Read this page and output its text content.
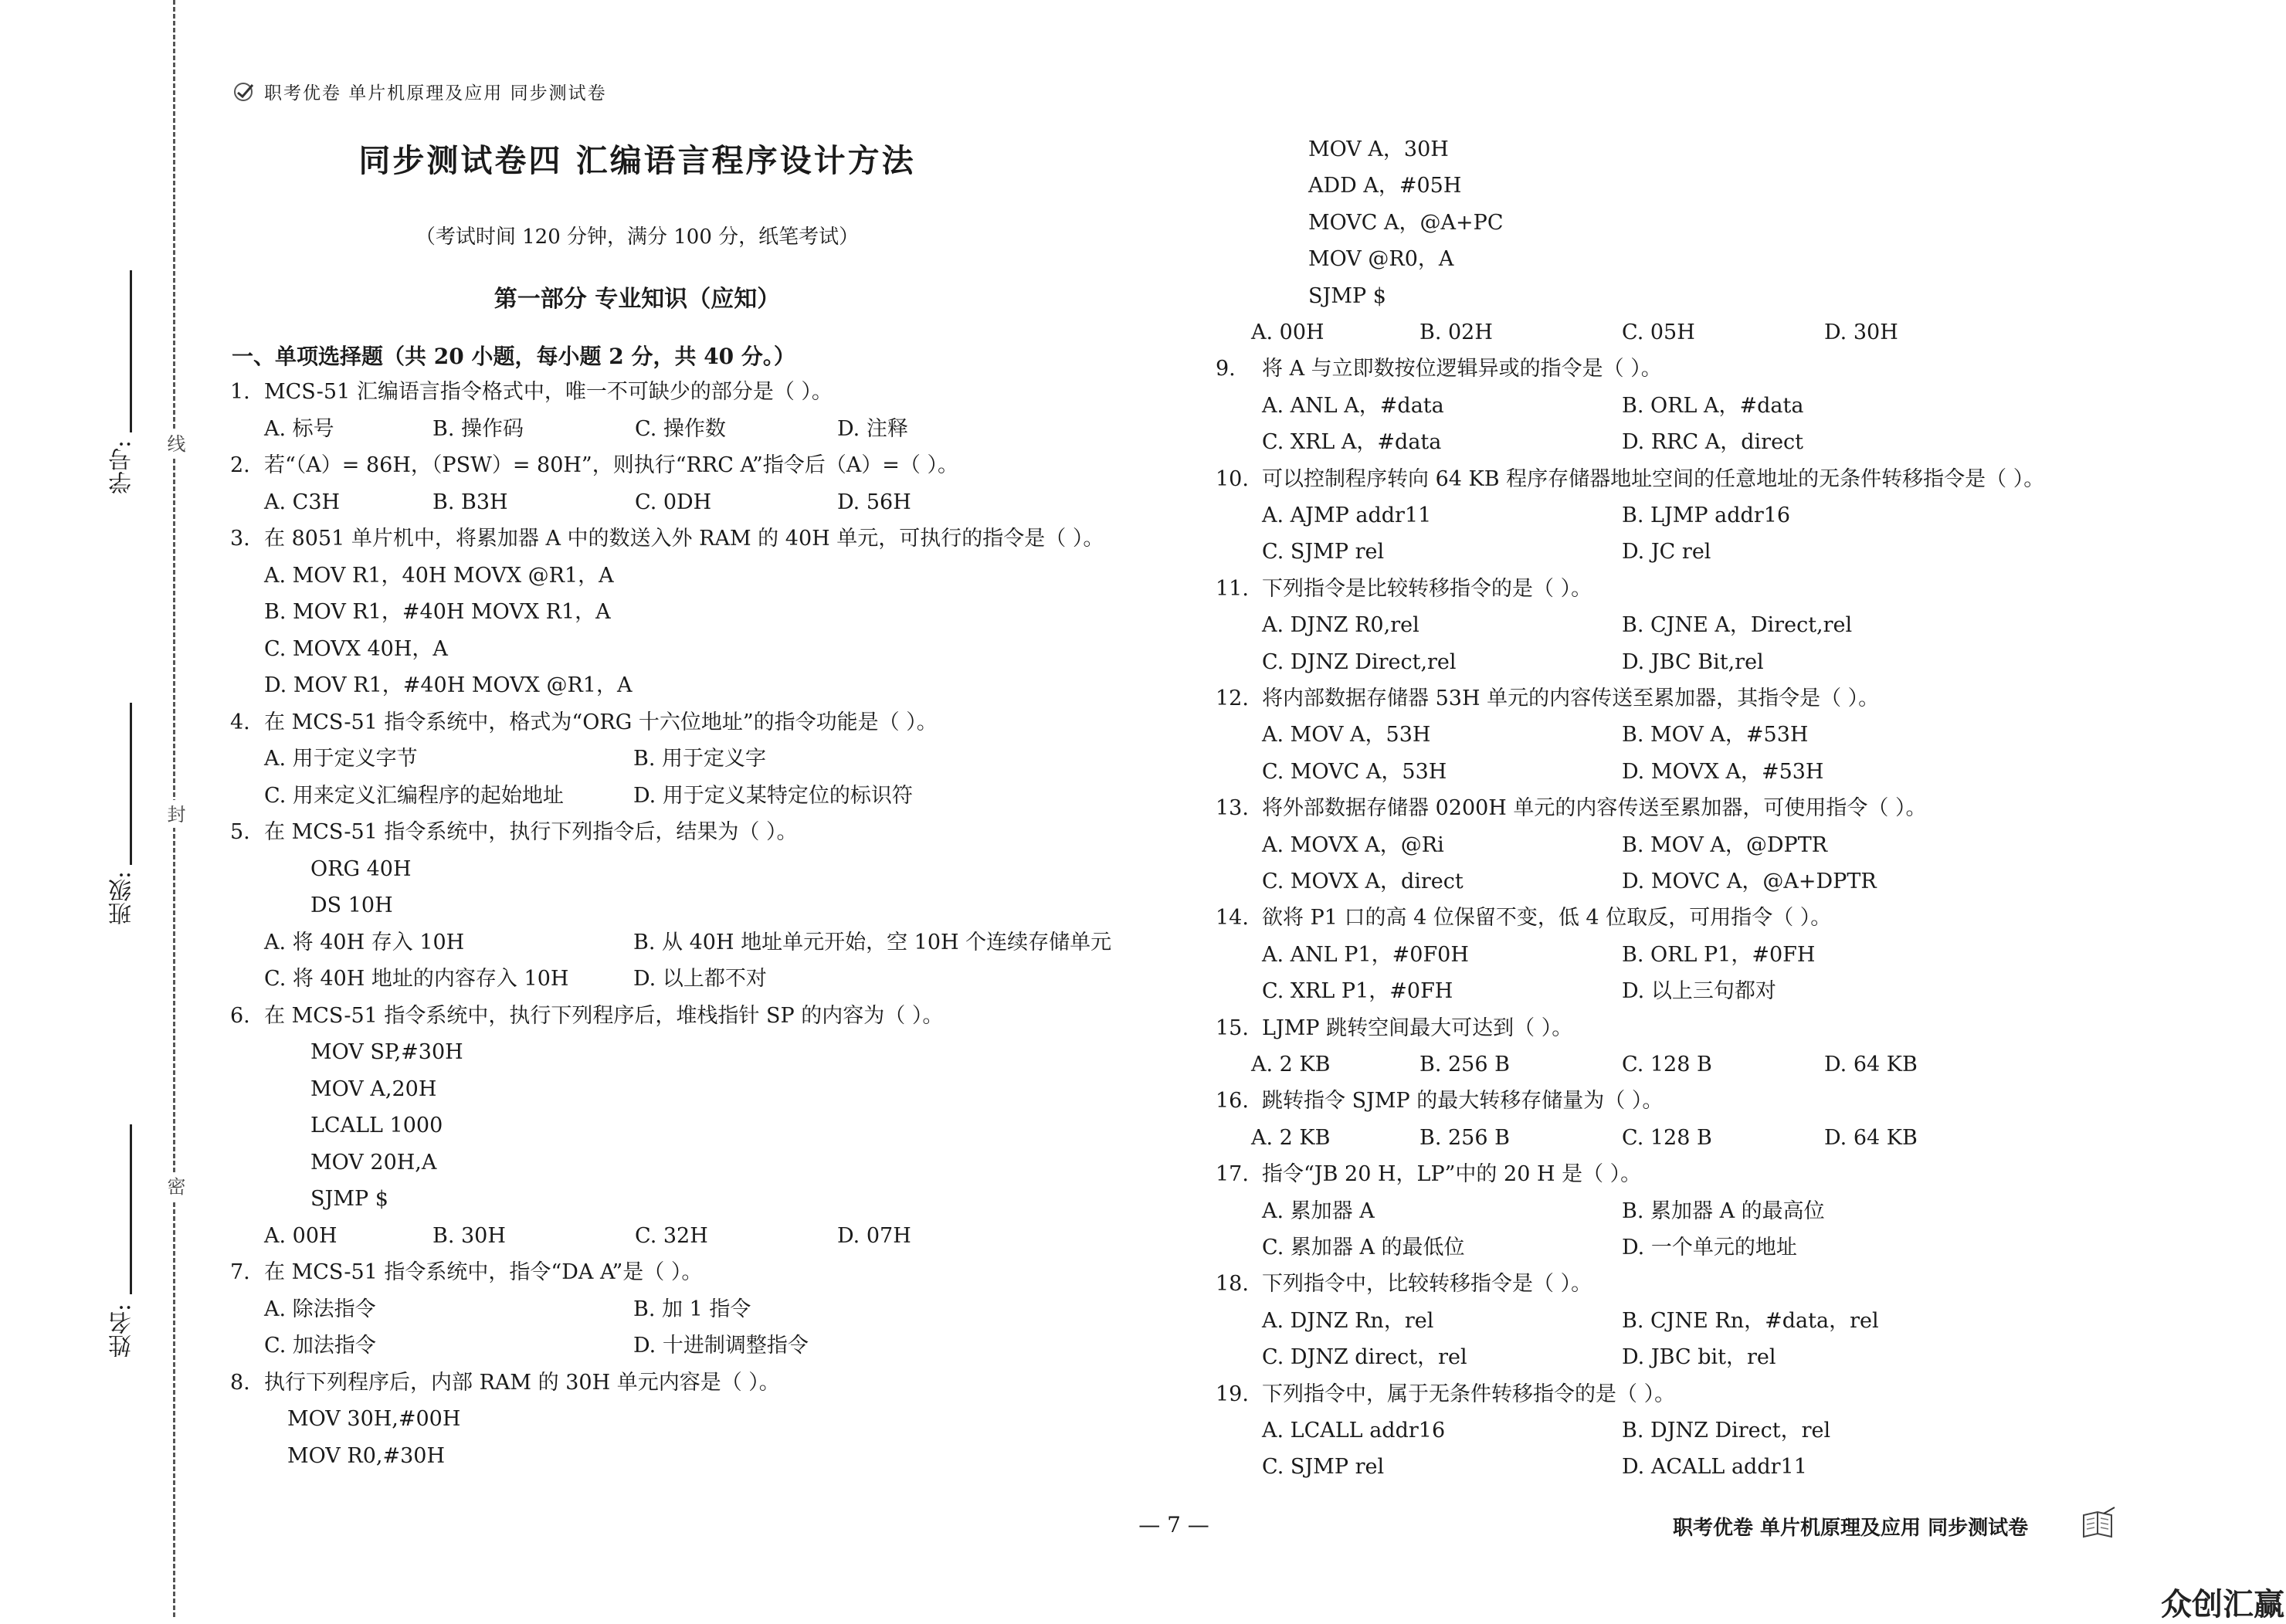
学号: 线
班级:
封
姓名:
密
职考优卷 单片机原理及应用 同步测试卷
同步测试卷四 汇编语言程序设计方法
（考试时间 120 分钟，满分 100 分，纸笔考试）
第一部分 专业知识（应知）
一、单项选择题（共 20 小题，每小题 2 分，共 40 分。）
1. MCS-51 汇编语言指令格式中，唯一不可缺少的部分是（ ）。
A. 标号	B. 操作码	C. 操作数	D. 注释
2. 若“（A）= 86H，（PSW）= 80H”，则执行“RRC A”指令后（A）=（ ）。
A. C3H	B. B3H	C. 0DH	D. 56H
3. 在 8051 单片机中，将累加器 A 中的数送入外 RAM 的 40H 单元，可执行的指令是（ ）。
A. MOV R1，40H MOVX @R1，A
B. MOV R1，#40H MOVX R1，A
C. MOVX 40H，A
D. MOV R1，#40H MOVX @R1，A
4. 在 MCS-51 指令系统中，格式为“ORG 十六位地址”的指令功能是（ ）。
A. 用于定义字节	B. 用于定义字
C. 用来定义汇编程序的起始地址	D. 用于定义某特定位的标识符
5. 在 MCS-51 指令系统中，执行下列指令后，结果为（ ）。
ORG 40H
DS 10H
A. 将 40H 存入 10H	B. 从 40H 地址单元开始，空 10H 个连续存储单元
C. 将 40H 地址的内容存入 10H	D. 以上都不对
6. 在 MCS-51 指令系统中，执行下列程序后，堆栈指针 SP 的内容为（ ）。
MOV SP,#30H
MOV A,20H
LCALL 1000
MOV 20H,A
SJMP $
A. 00H	B. 30H	C. 32H	D. 07H
7. 在 MCS-51 指令系统中，指令“DA A”是（ ）。
A. 除法指令	B. 加 1 指令
C. 加法指令	D. 十进制调整指令
8. 执行下列程序后，内部 RAM 的 30H 单元内容是（ ）。
MOV 30H,#00H
MOV R0,#30H
MOV A，30H
ADD A，#05H
MOVC A，@A+PC
MOV @R0，A
SJMP $
A. 00H	B. 02H	C. 05H	D. 30H
9. 将 A 与立即数按位逻辑异或的指令是（ ）。
A. ANL A，#data	B. ORL A，#data
C. XRL A，#data	D. RRC A，direct
10. 可以控制程序转向 64 KB 程序存储器地址空间的任意地址的无条件转移指令是（ ）。
A. AJMP addr11	B. LJMP addr16
C. SJMP rel	D. JC rel
11. 下列指令是比较转移指令的是（ ）。
A. DJNZ R0,rel	B. CJNE A，Direct,rel
C. DJNZ Direct,rel	D. JBC Bit,rel
12. 将内部数据存储器 53H 单元的内容传送至累加器，其指令是（ ）。
A. MOV A，53H	B. MOV A，#53H
C. MOVC A，53H	D. MOVX A，#53H
13. 将外部数据存储器 0200H 单元的内容传送至累加器，可使用指令（ ）。
A. MOVX A，@Ri	B. MOV A，@DPTR
C. MOVX A，direct	D. MOVC A，@A+DPTR
14. 欲将 P1 口的高 4 位保留不变，低 4 位取反，可用指令（ ）。
A. ANL P1，#0F0H	B. ORL P1，#0FH
C. XRL P1，#0FH	D. 以上三句都对
15. LJMP 跳转空间最大可达到（ ）。
A. 2 KB	B. 256 B	C. 128 B	D. 64 KB
16. 跳转指令 SJMP 的最大转移存储量为（ ）。
A. 2 KB	B. 256 B	C. 128 B	D. 64 KB
17. 指令“JB 20 H，LP”中的 20 H 是（ ）。
A. 累加器 A	B. 累加器 A 的最高位
C. 累加器 A 的最低位	D. 一个单元的地址
18. 下列指令中，比较转移指令是（ ）。
A. DJNZ Rn，rel	B. CJNE Rn，#data，rel
C. DJNZ direct，rel	D. JBC bit，rel
19. 下列指令中，属于无条件转移指令的是（ ）。
A. LCALL addr16	B. DJNZ Direct，rel
C. SJMP rel	D. ACALL addr11
— 7 —	职考优卷 单片机原理及应用 同步测试卷
众创汇赢
